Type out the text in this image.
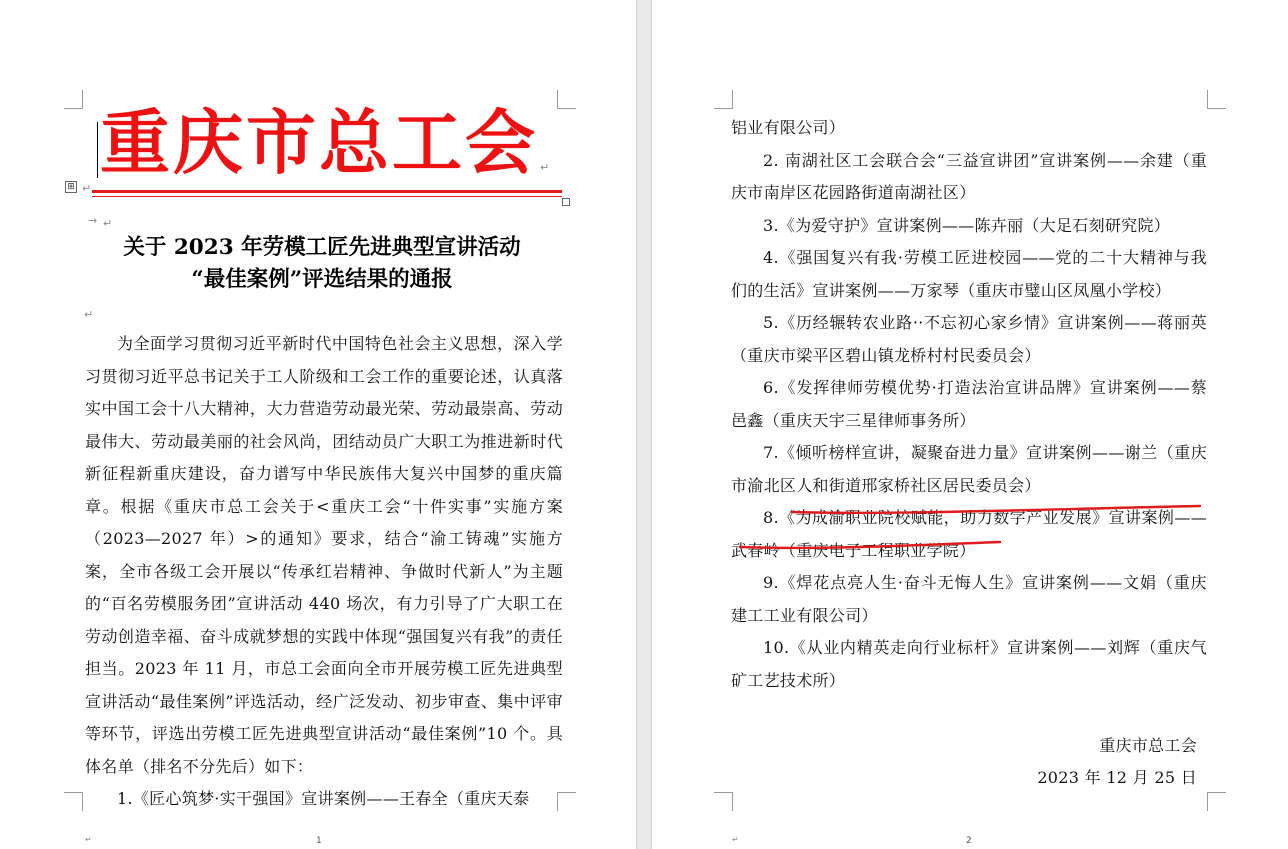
重庆市总工会 ↵
⊞ ↵
→ ↵
关于 2023 年劳模工匠先进典型宣讲活动
“最佳案例”评选结果的通报
↵

为全面学习贯彻习近平新时代中国特色社会主义思想，深入学习贯彻习近平总书记关于工人阶级和工会工作的重要论述，认真落实中国工会十八大精神，大力营造劳动最光荣、劳动最崇高、劳动最伟大、劳动最美丽的社会风尚，团结动员广大职工为推进新时代新征程新重庆建设，奋力谱写中华民族伟大复兴中国梦的重庆篇章。根据《重庆市总工会关于<重庆工会“十件实事”实施方案（2023—2027 年）>的通知》要求，结合“渝工铸魂”实施方案，全市各级工会开展以“传承红岩精神、争做时代新人”为主题的“百名劳模服务团”宣讲活动 440 场次，有力引导了广大职工在劳动创造幸福、奋斗成就梦想的实践中体现“强国复兴有我”的责任担当。2023 年 11 月，市总工会面向全市开展劳模工匠先进典型宣讲活动“最佳案例”评选活动，经广泛发动、初步审查、集中评审等环节，评选出劳模工匠先进典型宣讲活动“最佳案例”10 个。具体名单（排名不分先后）如下：

1.《匠心筑梦·实干强国》宣讲案例——王春全（重庆天泰

1
↵	2
↵

铝业有限公司）

2. 南湖社区工会联合会“三益宣讲团”宣讲案例——余建（重庆市南岸区花园路街道南湖社区）

3.《为爱守护》宣讲案例——陈卉丽（大足石刻研究院）

4.《强国复兴有我·劳模工匠进校园——党的二十大精神与我们的生活》宣讲案例——万家琴（重庆市璧山区凤凰小学校）

5.《历经辗转农业路··不忘初心家乡情》宣讲案例——蒋丽英（重庆市梁平区碧山镇龙桥村村民委员会）

6.《发挥律师劳模优势·打造法治宣讲品牌》宣讲案例——蔡邑鑫（重庆天宇三星律师事务所）

7.《倾听榜样宣讲，凝聚奋进力量》宣讲案例——谢兰（重庆市渝北区人和街道邢家桥社区居民委员会）

8.《为成渝职业院校赋能，助力数字产业发展》宣讲案例——武春岭（重庆电子工程职业学院）

9.《焊花点亮人生·奋斗无悔人生》宣讲案例——文娟（重庆建工工业有限公司）

10.《从业内精英走向行业标杆》宣讲案例——刘辉（重庆气矿工艺技术所）

重庆市总工会

2023 年 12 月 25 日
